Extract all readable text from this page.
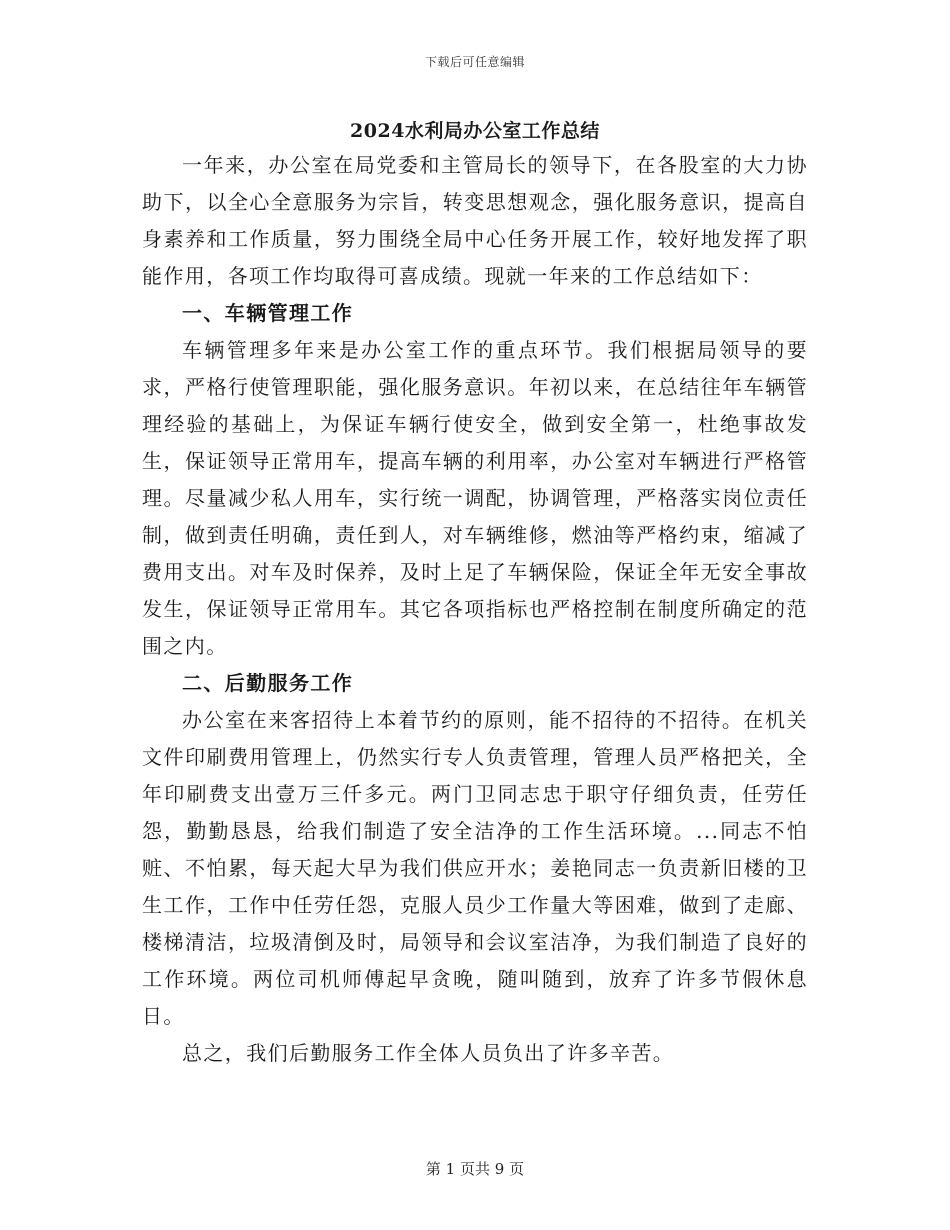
下载后可任意编辑
2024水利局办公室工作总结

一年来，办公室在局党委和主管局长的领导下，在各股室的大力协助下，以全心全意服务为宗旨，转变思想观念，强化服务意识，提高自身素养和工作质量，努力围绕全局中心任务开展工作，较好地发挥了职能作用，各项工作均取得可喜成绩。现就一年来的工作总结如下：

一、车辆管理工作

车辆管理多年来是办公室工作的重点环节。我们根据局领导的要求，严格行使管理职能，强化服务意识。年初以来，在总结往年车辆管理经验的基础上，为保证车辆行使安全，做到安全第一，杜绝事故发生，保证领导正常用车，提高车辆的利用率，办公室对车辆进行严格管理。尽量减少私人用车，实行统一调配，协调管理，严格落实岗位责任制，做到责任明确，责任到人，对车辆维修，燃油等严格约束，缩减了费用支出。对车及时保养，及时上足了车辆保险，保证全年无安全事故发生，保证领导正常用车。其它各项指标也严格控制在制度所确定的范围之内。

二、后勤服务工作

办公室在来客招待上本着节约的原则，能不招待的不招待。在机关文件印刷费用管理上，仍然实行专人负责管理，管理人员严格把关，全年印刷费支出壹万三仟多元。两门卫同志忠于职守仔细负责，任劳任怨，勤勤恳恳，给我们制造了安全洁净的工作生活环境。...同志不怕赃、不怕累，每天起大早为我们供应开水；姜艳同志一负责新旧楼的卫生工作，工作中任劳任怨，克服人员少工作量大等困难，做到了走廊、楼梯清洁，垃圾清倒及时，局领导和会议室洁净，为我们制造了良好的工作环境。两位司机师傅起早贪晚，随叫随到，放弃了许多节假休息日。

总之，我们后勤服务工作全体人员负出了许多辛苦。

第 1 页共 9 页
